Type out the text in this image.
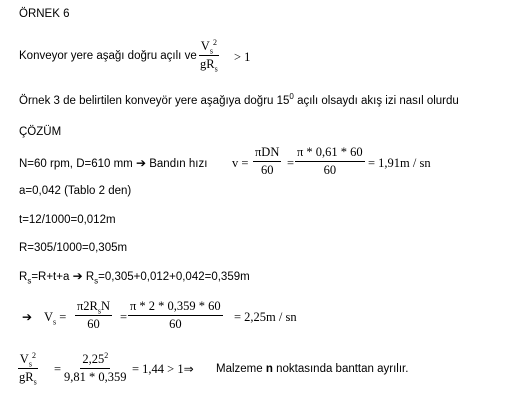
ÖRNEK 6
Konveyor yere aşağı doğru açılı ve
$V_s^2$
$gR_s$
> 1
Örnek 3 de belirtilen konveyör yere aşağıya doğru $15^0$ açılı olsaydı akış izi nasıl olurdu
ÇÖZÜM
N=60 rpm, D=610 mm ➔ Bandın hızı v =
πDN
$60 = \frac{\pi * 0,61 * 60}{60} = 1,91m$ / sn
a=0,042 (Tablo 2 den)
t=12/1000=0,012m
R=305/1000=0,305m
$R_s=R+t+a$ ➔ $R_s=0,305+0,012+0,042=0,359m$
➔ $V_s$ =
$\pi 2R_sN$
$60 = \frac{\pi * 2 * 0,359 * 60}{60} = 2,25m$ / sn
$V_s^2$
$gR_s$
= $\frac{2,25^2}{9,81 * 0,359} = 1,44$ > 1⇒ Malzeme n noktasında banttan ayrılır.
